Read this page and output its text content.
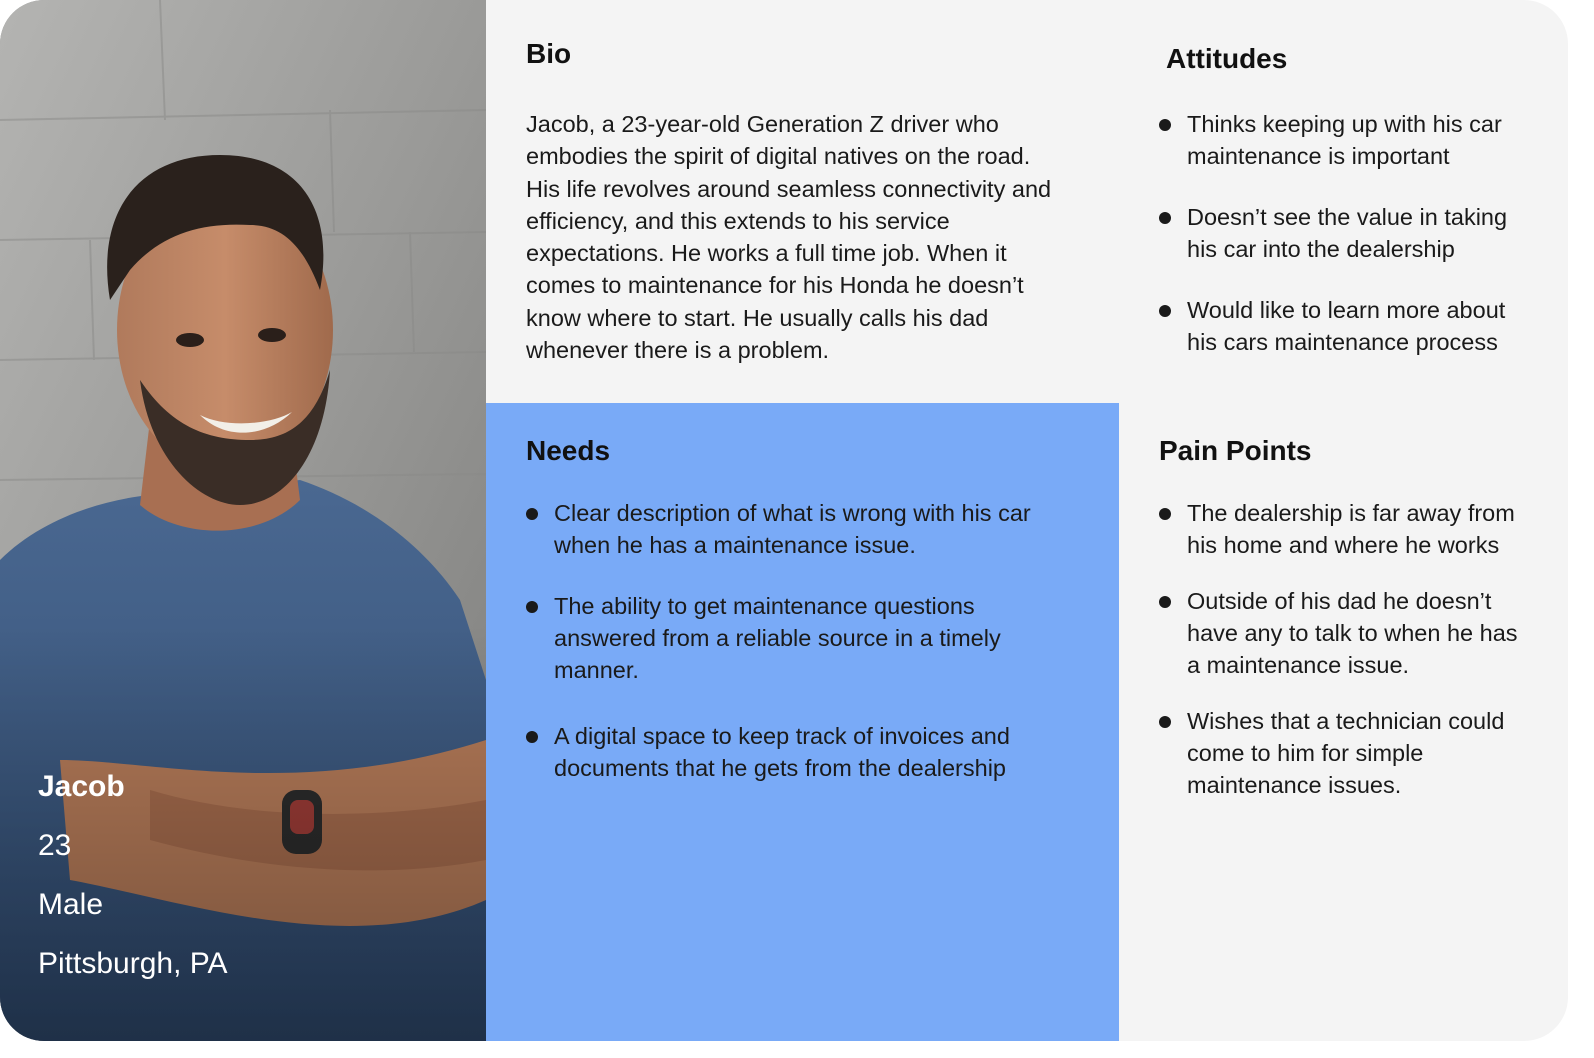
Jacob
23
Male
Pittsburgh, PA
Bio

Jacob, a 23-year-old Generation Z driver who embodies the spirit of digital natives on the road. His life revolves around seamless connectivity and efficiency, and this extends to his service expectations. He works a full time job. When it comes to maintenance for his Honda he doesn’t know where to start. He usually calls his dad whenever there is a problem.

Attitudes
Thinks keeping up with his car maintenance is important
Doesn’t see the value in taking his car into the dealership
Would like to learn more about his cars maintenance process
Needs
Clear description of what is wrong with his car when he has a maintenance issue.
The ability to get maintenance questions answered from a reliable source in a timely manner.
A digital space to keep track of invoices and documents that he gets from the dealership
Pain Points
The dealership is far away from his home and where he works
Outside of his dad he doesn’t have any to talk to when he has a maintenance issue.
Wishes that a technician could come to him for simple maintenance issues.
